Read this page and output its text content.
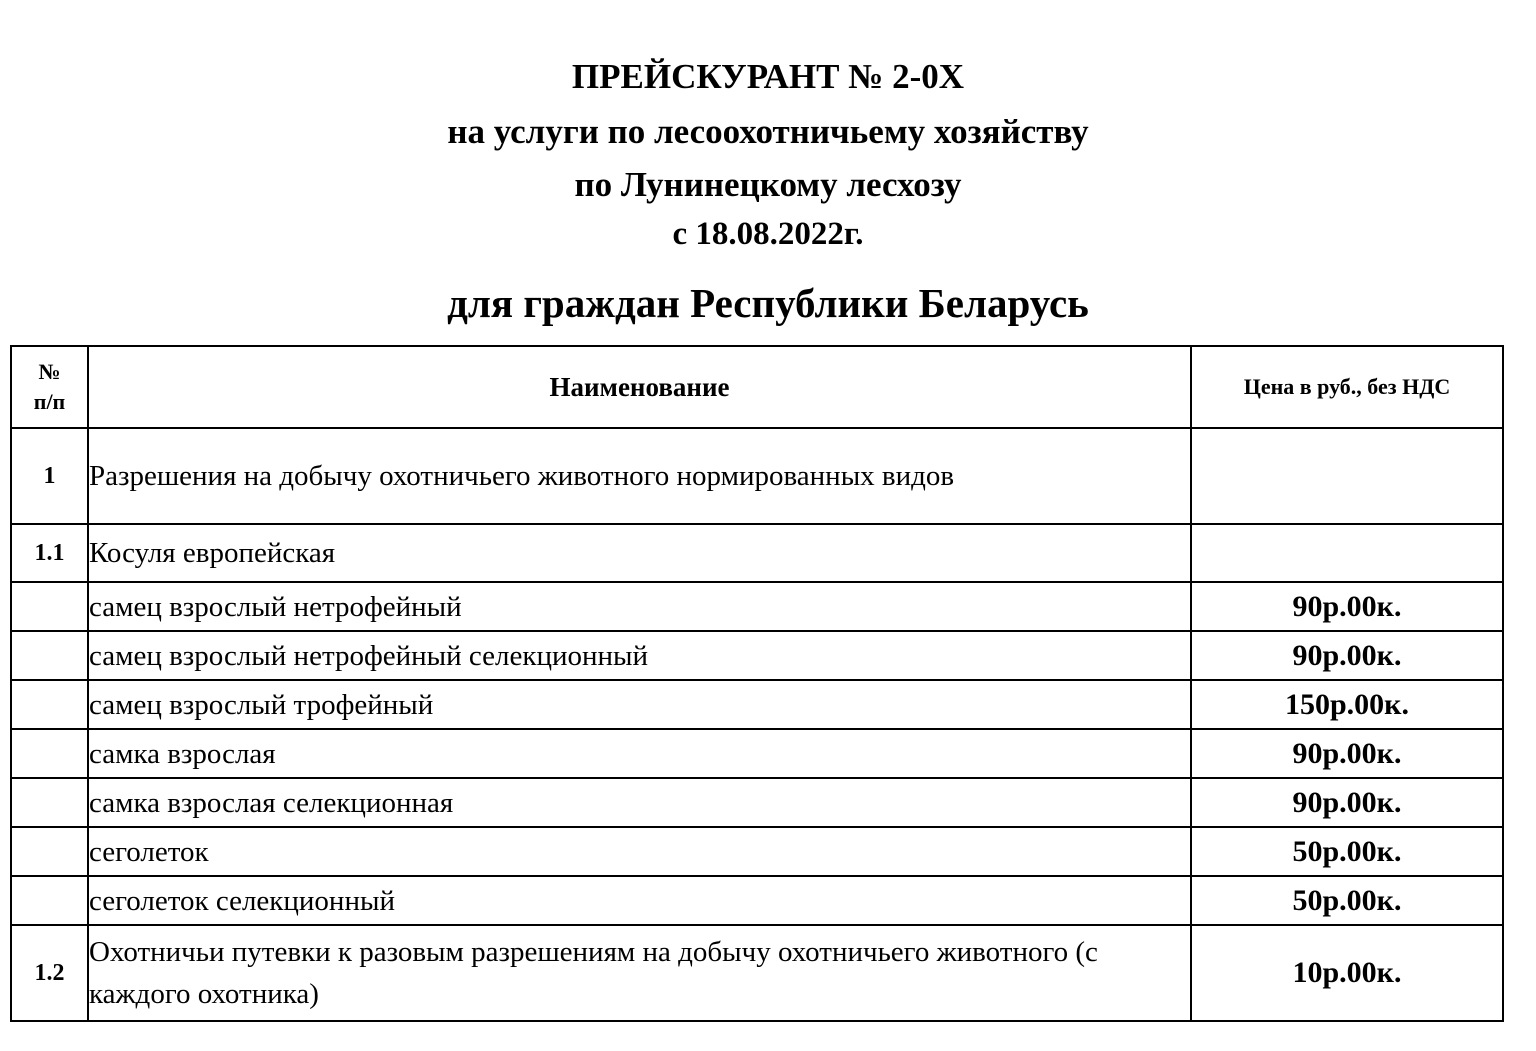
ПРЕЙСКУРАНТ № 2-0Х
на услуги по лесоохотничьему хозяйству
по Лунинецкому лесхозу
с 18.08.2022г.
для граждан Республики Беларусь
№
п/п	Наименование	Цена в руб., без НДС
1	Разрешения на добычу охотничьего животного нормированных видов	
1.1	Косуля европейская	
	самец взрослый нетрофейный	90р.00к.
	самец взрослый нетрофейный селекционный	90р.00к.
	самец взрослый трофейный	150р.00к.
	самка взрослая	90р.00к.
	самка взрослая селекционная	90р.00к.
	сеголеток	50р.00к.
	сеголеток селекционный	50р.00к.
1.2	Охотничьи путевки к разовым разрешениям на добычу охотничьего животного (с каждого охотника)	10р.00к.
